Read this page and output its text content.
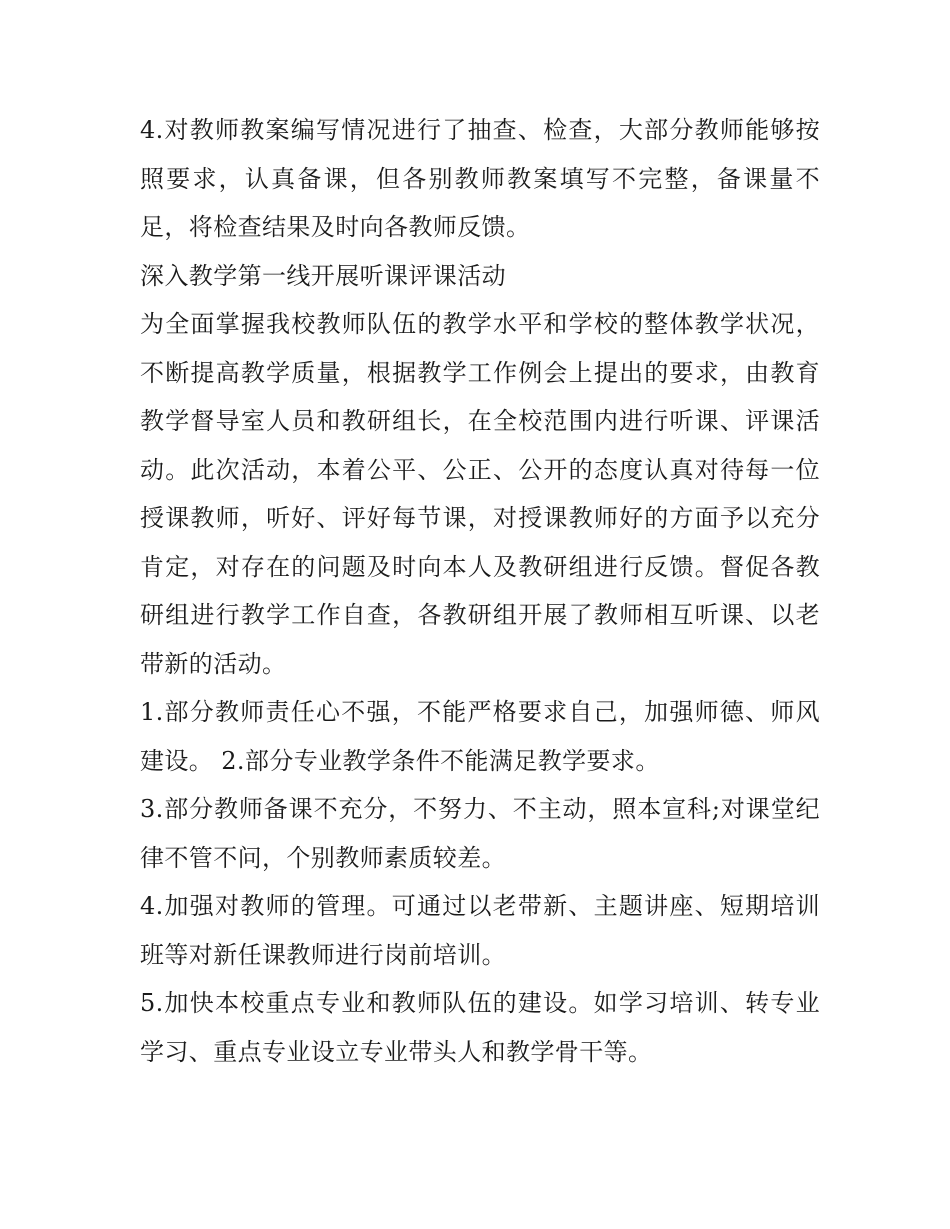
4.对教师教案编写情况进行了抽查、检查，大部分教师能够按照要求，认真备课，但各别教师教案填写不完整，备课量不足，将检查结果及时向各教师反馈。

深入教学第一线开展听课评课活动

为全面掌握我校教师队伍的教学水平和学校的整体教学状况，不断提高教学质量，根据教学工作例会上提出的要求，由教育教学督导室人员和教研组长，在全校范围内进行听课、评课活动。此次活动，本着公平、公正、公开的态度认真对待每一位授课教师，听好、评好每节课，对授课教师好的方面予以充分肯定，对存在的问题及时向本人及教研组进行反馈。督促各教研组进行教学工作自查，各教研组开展了教师相互听课、以老带新的活动。

1.部分教师责任心不强，不能严格要求自己，加强师德、师风建设。 2.部分专业教学条件不能满足教学要求。

3.部分教师备课不充分，不努力、不主动，照本宣科;对课堂纪律不管不问，个别教师素质较差。

4.加强对教师的管理。可通过以老带新、主题讲座、短期培训班等对新任课教师进行岗前培训。

5.加快本校重点专业和教师队伍的建设。如学习培训、转专业学习、重点专业设立专业带头人和教学骨干等。
